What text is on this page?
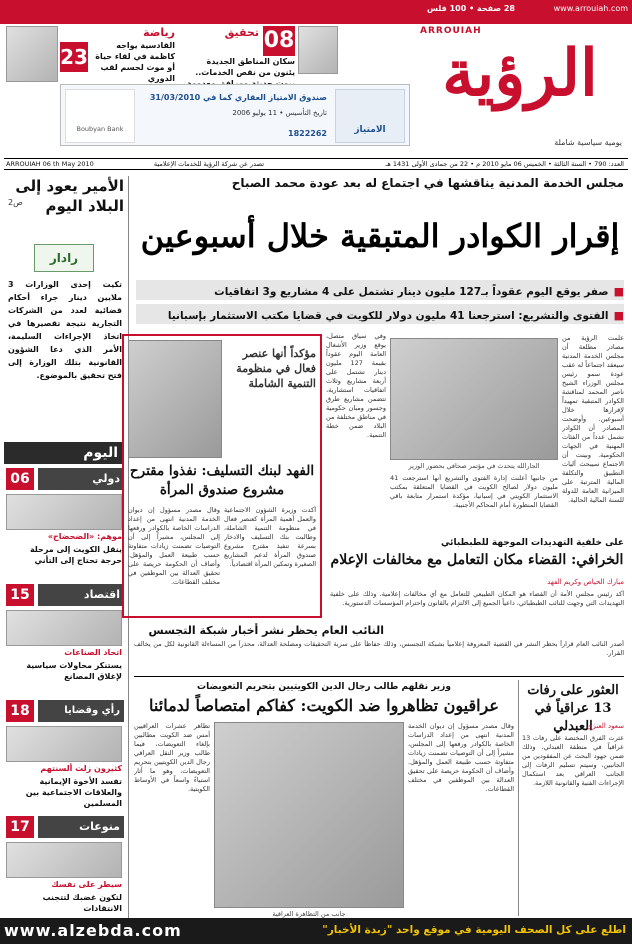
www.arrouiah.com
28 صفحة • 100 فلس
الرؤية
ARROUIAH
يومية سياسية شاملة
08
تحقيق
سكان المناطق الجديدة يئنون من نقص الخدمات..
23
رياضة
القادسية يواجه كاظمة في لقاء حياة أو موت لحسم لقب الدوري
الامتياز
صندوق الامتياز العقاري كما في 31/03/2010
تاريخ التأسيس • 11 يوليو 2006
1822262
Boubyan Bank
العدد: 790 • السنة الثالثة • الخميس 06 مايو 2010 م • 22 من جمادى الأولى 1431 هـ
تصدر عن شركة الرؤية للخدمات الإعلامية
ARROUIAH 06 th May 2010
مجلس الخدمة المدنية يناقشها في اجتماع له بعد عودة محمد الصباح
إقرار الكوادر المتبقية خلال أسبوعين
■ صفر يوقع اليوم عقوداً بـ127 مليون دينار تشتمل على 4 مشاريع و3 اتفاقيات
■ الفتوى والتشريع: استرجعنا 41 مليون دولار للكويت في قضايا مكتب الاستثمار بإسبانيا
الأمير يعود إلى البلاد اليوم
ص2
رادار
تكيت إحدى الوزارات 3 ملايين دينار جراء أحكام قضائية لعدد من الشركات التجارية نتيجة تقصيرها في اتخاذ الإجراءات السليمة، الأمر الذي دعا الشؤون القانونية بتلك الوزارة إلى فتح تحقيق بالموضوع.
اليوم
06	دولي
موهم: «الضحضاح»
ينقل الكويت إلى مرحلة حرجة تحتاج إلى التأني
15	اقتصاد
اتحاد الصناعات
يستنكر محاولات سياسية لإغلاق المصانع
18	رأي وقضايا
كثيرون زلت ألسنتهم
تفسد الأخوة الإيمانية والعلاقات الاجتماعية بين المسلمين
17	منوعات
سيطر على نفسك
لتكون غضبك لتتجنب الانتقادات
مؤكداً أنها عنصر فعال في منظومة التنمية الشاملة
الفهد لبنك التسليف: نفذوا مقترح مشروع صندوق المرأة
أكدت وزيرة الشؤون الاجتماعية والعمل أهمية المرأة كعنصر فعال في منظومة التنمية الشاملة، وطالبت بنك التسليف والادخار بسرعة تنفيذ مقترح مشروع صندوق المرأة لدعم المشاريع الصغيرة وتمكين المرأة اقتصادياً.
وقال مصدر مسؤول إن ديوان الخدمة المدنية انتهى من إعداد الدراسات الخاصة بالكوادر ورفعها إلى المجلس، مشيراً إلى أن التوصيات تضمنت زيادات متفاوتة حسب طبيعة العمل والمؤهل. وأضاف أن الحكومة حريصة على تحقيق العدالة بين الموظفين في مختلف القطاعات.
وفي سياق متصل، يوقع وزير الأشغال العامة اليوم عقوداً بقيمة 127 مليون دينار تشتمل على أربعة مشاريع وثلاث اتفاقيات استشارية، تتضمن مشاريع طرق وجسور ومبان حكومية في مناطق مختلفة من البلاد ضمن خطة التنمية.
الجارالله يتحدث في مؤتمر صحافي بحضور الوزير
علمت الرؤية من مصادر مطلعة أن مجلس الخدمة المدنية سيعقد اجتماعاً له عقب عودة سمو رئيس مجلس الوزراء الشيخ ناصر المحمد لمناقشة الكوادر المتبقية تمهيداً لإقرارها خلال أسبوعين. وأوضحت المصادر أن الكوادر تشمل عدداً من الفئات المهنية في الجهات الحكومية. وبينت أن الاجتماع سيبحث آليات التطبيق والتكلفة المالية المترتبة على الميزانية العامة للدولة للسنة المالية الحالية.
من جانبها أعلنت إدارة الفتوى والتشريع أنها استرجعت 41 مليون دولار لصالح الكويت في القضايا المتعلقة بمكتب الاستثمار الكويتي في إسبانيا، مؤكدة استمرار متابعة باقي القضايا المنظورة أمام المحاكم الأجنبية.
على خلفية التهديدات الموجهة للطبطبائي
الخرافي: القضاء مكان التعامل مع مخالفات الإعلام
مبارك الخياص وكريم الفهد
أكد رئيس مجلس الأمة أن القضاء هو المكان الطبيعي للتعامل مع أي مخالفات إعلامية، وذلك على خلفية التهديدات التي وجهت للنائب الطبطبائي، داعياً الجميع إلى الالتزام بالقانون واحترام المؤسسات الدستورية.
النائب العام يحظر نشر أخبار شبكة التجسس
أصدر النائب العام قراراً بحظر النشر في القضية المعروفة إعلامياً بشبكة التجسس، وذلك حفاظاً على سرية التحقيقات ومصلحة العدالة، محذراً من المساءلة القانونية لكل من يخالف القرار.
وزير نقلهم طالب رجال الدين الكويتيين بتحريم التعويضات
عراقيون تظاهروا ضد الكويت: كفاكم امتصاصاً لدمائنا
تظاهر عشرات العراقيين أمس ضد الكويت مطالبين بإلغاء التعويضات، فيما طالب وزير النقل العراقي رجال الدين الكويتيين بتحريم التعويضات، وهو ما أثار استياءً واسعاً في الأوساط الكويتية.
جانب من التظاهرة العراقية
وقال مصدر مسؤول إن ديوان الخدمة المدنية انتهى من إعداد الدراسات الخاصة بالكوادر ورفعها إلى المجلس، مشيراً إلى أن التوصيات تضمنت زيادات متفاوتة حسب طبيعة العمل والمؤهل. وأضاف أن الحكومة حريصة على تحقيق العدالة بين الموظفين في مختلف القطاعات.
العثور على رفات 13 عراقياً في العبدلي
سعود العنزي
عثرت الفرق المختصة على رفات 13 عراقياً في منطقة العبدلي، وذلك ضمن جهود البحث عن المفقودين من الجانبين، وسيتم تسليم الرفات إلى الجانب العراقي بعد استكمال الإجراءات الفنية والقانونية اللازمة.
www.alzebda.com	اطلع على كل الصحف اليومية في موقع واحد "زبدة الأخبار"
